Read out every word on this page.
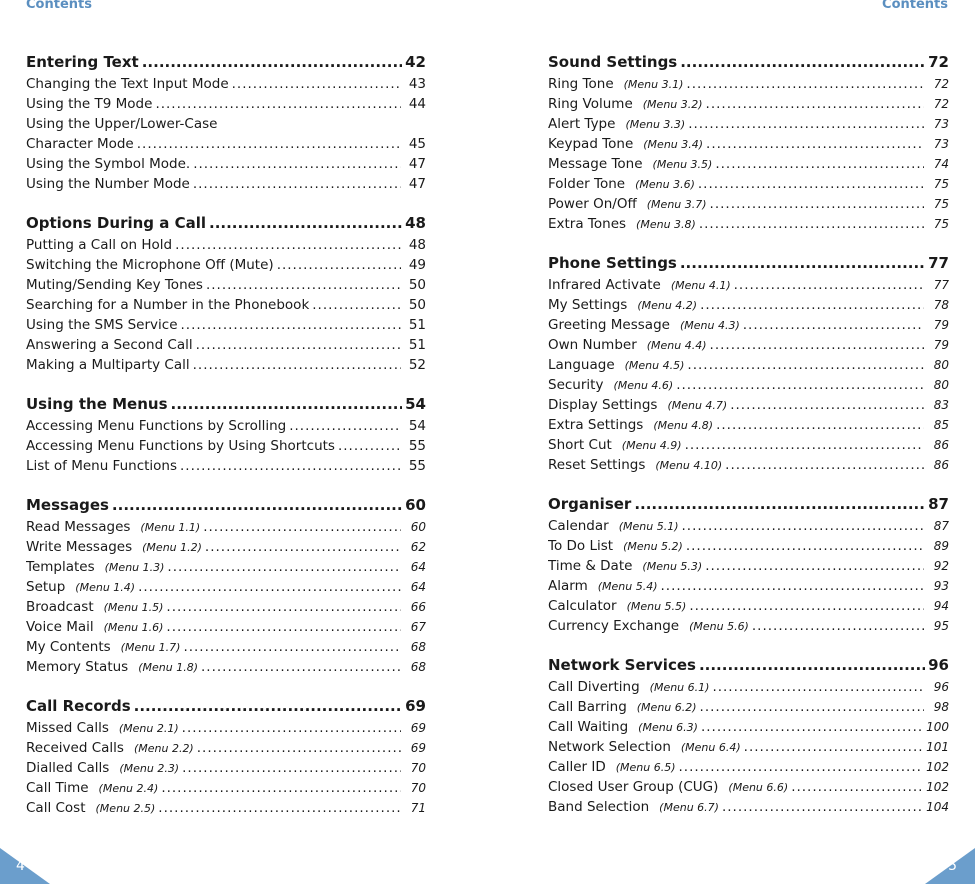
Contents	Contents
Entering Text .....	42
Changing the Text Input Mode .....	43
Using the T9 Mode .....	44
Using the Upper/Lower-Case
Character Mode .....	45
Using the Symbol Mode. .....	47
Using the Number Mode .....	47
Options During a Call .....	48
Putting a Call on Hold .....	48
Switching the Microphone Off (Mute) .....	49
Muting/Sending Key Tones .....	50
Searching for a Number in the Phonebook .....	50
Using the SMS Service .....	51
Answering a Second Call .....	51
Making a Multiparty Call .....	52
Using the Menus .....	54
Accessing Menu Functions by Scrolling .....	54
Accessing Menu Functions by Using Shortcuts .....	55
List of Menu Functions .....	55
Messages .....	60
Read Messages (Menu 1.1) .....	60
Write Messages (Menu 1.2) .....	62
Templates (Menu 1.3) .....	64
Setup (Menu 1.4) .....	64
Broadcast (Menu 1.5) .....	66
Voice Mail (Menu 1.6) .....	67
My Contents (Menu 1.7) .....	68
Memory Status (Menu 1.8) .....	68
Call Records .....	69
Missed Calls (Menu 2.1) .....	69
Received Calls (Menu 2.2) .....	69
Dialled Calls (Menu 2.3) .....	70
Call Time (Menu 2.4) .....	70
Call Cost (Menu 2.5) .....	71
Sound Settings .....	72
Ring Tone (Menu 3.1) .....	72
Ring Volume (Menu 3.2) .....	72
Alert Type (Menu 3.3) .....	73
Keypad Tone (Menu 3.4) .....	73
Message Tone (Menu 3.5) .....	74
Folder Tone (Menu 3.6) .....	75
Power On/Off (Menu 3.7) .....	75
Extra Tones (Menu 3.8) .....	75
Phone Settings .....	77
Infrared Activate (Menu 4.1) .....	77
My Settings (Menu 4.2) .....	78
Greeting Message (Menu 4.3) .....	79
Own Number (Menu 4.4) .....	79
Language (Menu 4.5) .....	80
Security (Menu 4.6) .....	80
Display Settings (Menu 4.7) .....	83
Extra Settings (Menu 4.8) .....	85
Short Cut (Menu 4.9) .....	86
Reset Settings (Menu 4.10) .....	86
Organiser .....	87
Calendar (Menu 5.1) .....	87
To Do List (Menu 5.2) .....	89
Time & Date (Menu 5.3) .....	92
Alarm (Menu 5.4) .....	93
Calculator (Menu 5.5) .....	94
Currency Exchange (Menu 5.6) .....	95
Network Services .....	96
Call Diverting (Menu 6.1) .....	96
Call Barring (Menu 6.2) .....	98
Call Waiting (Menu 6.3) .....	100
Network Selection (Menu 6.4) .....	101
Caller ID (Menu 6.5) .....	102
Closed User Group (CUG) (Menu 6.6) .....	102
Band Selection (Menu 6.7) .....	104
4	5
